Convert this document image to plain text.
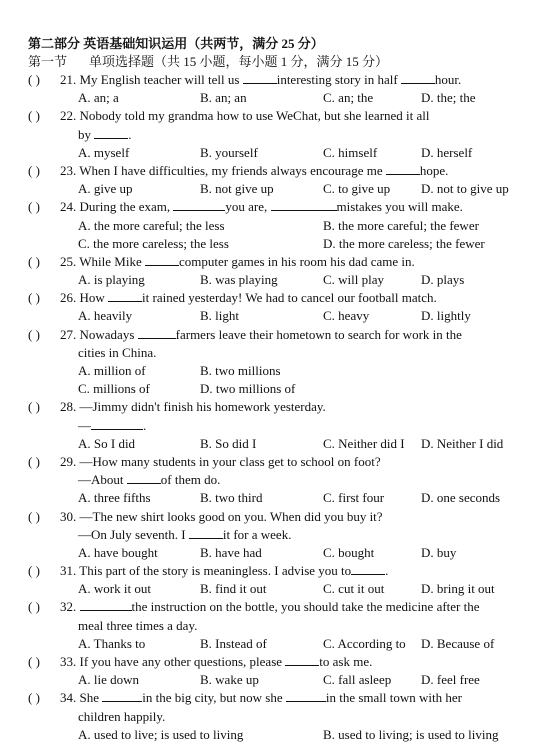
第二部分 英语基础知识运用（共两节，满分 25 分）
第一节 单项选择题（共 15 小题，每小题 1 分，满分 15 分）
( ) 21. My English teacher will tell us	interesting story in half	hour.
A. an; a	B. an; an	C. an; the	D. the; the
( ) 22. Nobody told my grandma how to use WeChat, but she learned it all
by	.
A. myself	B. yourself	C. himself	D. herself
( ) 23. When I have difficulties, my friends always encourage me	hope.
A. give up	B. not give up	C. to give up D. not to give up
( ) 24. During the exam,	you are,	mistakes you will make.
A. the more careful; the less	B. the more careful; the fewer
C. the more careless; the less	D. the more careless; the fewer
( ) 25. While Mike	computer games in his room his dad came in.
A. is playing	B. was playing	C. will play	D. plays
( ) 26. How	it rained yesterday! We had to cancel our football match.
A. heavily	B. light	C. heavy	D. lightly
( ) 27. Nowadays	farmers leave their hometown to search for work in the
cities in China.
A. million of	B. two millions
C. millions of	D. two millions of
( ) 28. —Jimmy didn't finish his homework yesterday.
—	.
A. So I did	B. So did I	C. Neither did I D. Neither I did
( ) 29. —How many students in your class get to school on foot?
—About	of them do.
A. three fifths	B. two third	C. first four	D. one seconds
( ) 30. —The new shirt looks good on you. When did you buy it?
—On July seventh. I	it for a week.
A. have bought	B. have had	C. bought	D. buy
( ) 31. This part of the story is meaningless. I advise you to	.
A. work it out	B. find it out	C. cut it out	D. bring it out
( ) 32.	the instruction on the bottle, you should take the medicine after the
meal three times a day.
A. Thanks to	B. Instead of	C. According to D. Because of
( ) 33. If you have any other questions, please	to ask me.
A. lie down	B. wake up	C. fall asleep D. feel free
( ) 34. She	in the big city, but now she	in the small town with her
children happily.
A. used to live; is used to living	B. used to living; is used to living
